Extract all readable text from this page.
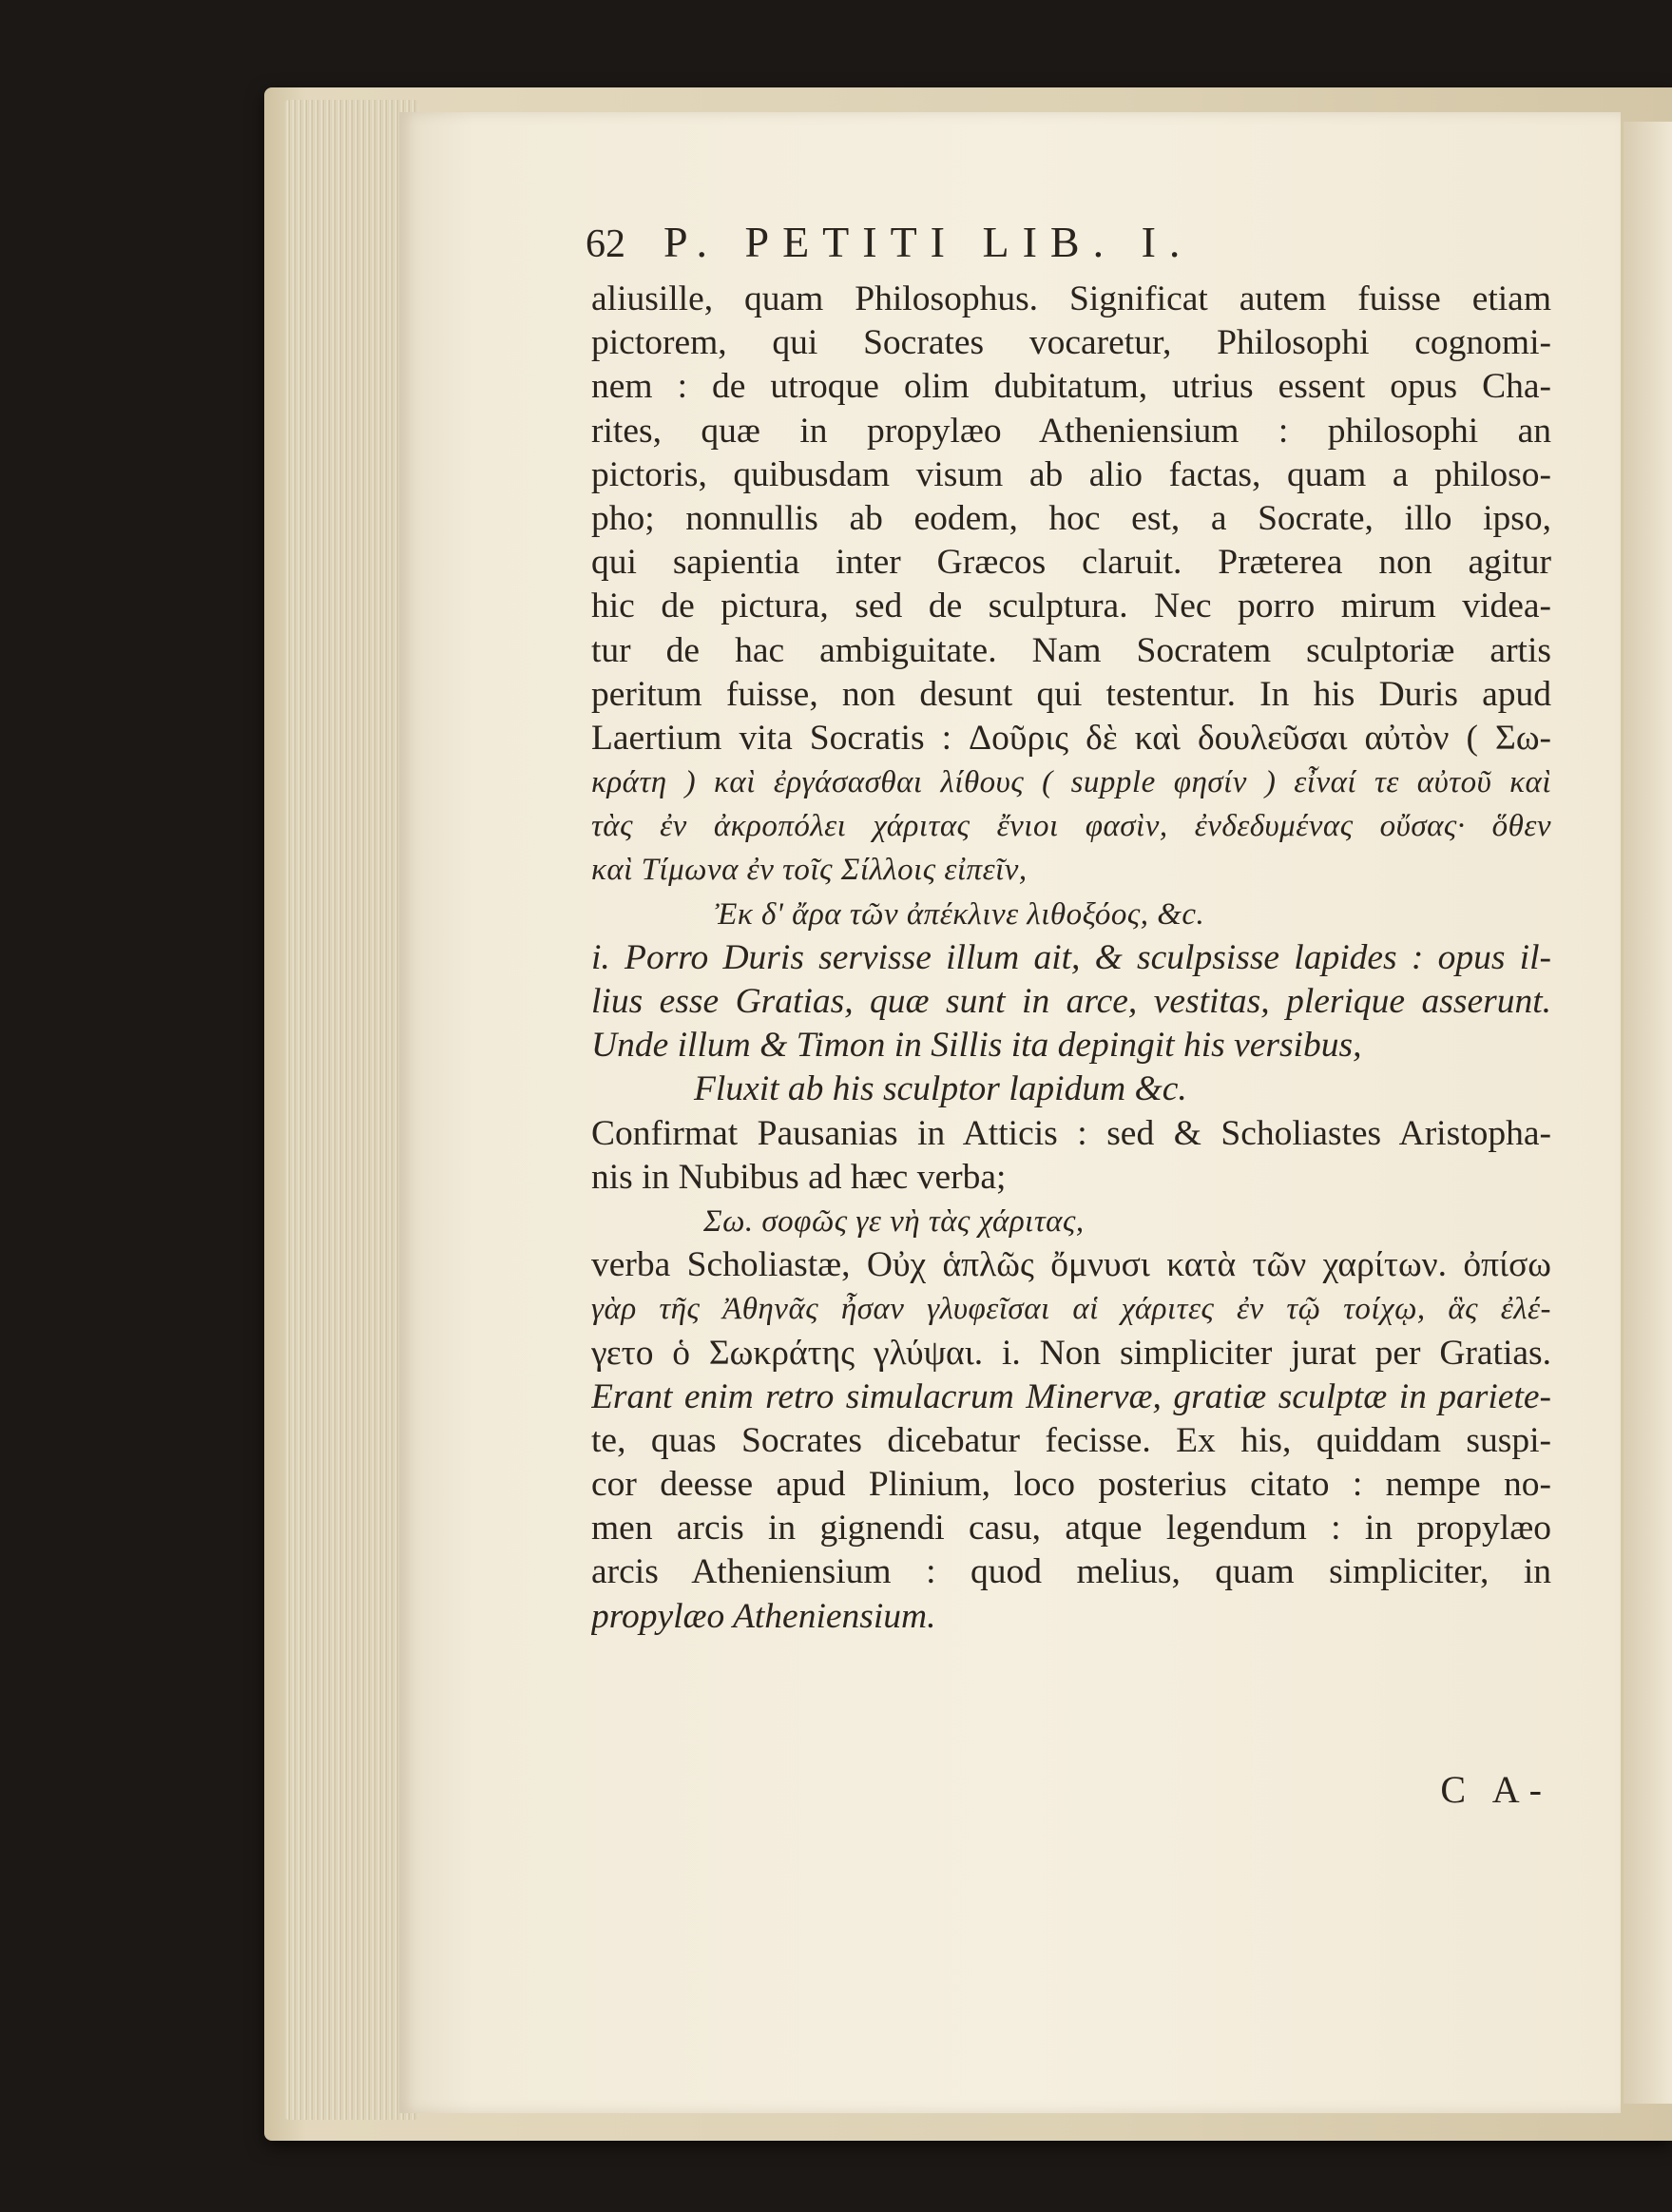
62 P. PETITI LIB. I.
aliusille, quam Philosophus. Significat autem fuisse etiam
pictorem, qui Socrates vocaretur, Philosophi cognomi-
nem : de utroque olim dubitatum, utrius essent opus Cha-
rites, quæ in propylæo Atheniensium : philosophi an
pictoris, quibusdam visum ab alio factas, quam a philoso-
pho; nonnullis ab eodem, hoc est, a Socrate, illo ipso,
qui sapientia inter Græcos claruit. Præterea non agitur
hic de pictura, sed de sculptura. Nec porro mirum videa-
tur de hac ambiguitate. Nam Socratem sculptoriæ artis
peritum fuisse, non desunt qui testentur. In his Duris apud
Laertium vita Socratis : Δοῦρις δὲ καὶ δουλεῦσαι αὐτὸν ( Σω-
κράτη ) καὶ ἐργάσασθαι λίθους ( supple φησίν ) εἶναί τε αὐτοῦ καὶ
τὰς ἐν ἀκροπόλει χάριτας ἔνιοι φασὶν, ἐνδεδυμένας οὔσας· ὅθεν
καὶ Τίμωνα ἐν τοῖς Σίλλοις εἰπεῖν,
Ἐκ δ' ἄρα τῶν ἀπέκλινε λιθοξόος, &c.
i. Porro Duris servisse illum ait, & sculpsisse lapides : opus il-
lius esse Gratias, quæ sunt in arce, vestitas, plerique asserunt.
Unde illum & Timon in Sillis ita depingit his versibus,
Fluxit ab his sculptor lapidum &c.
Confirmat Pausanias in Atticis : sed & Scholiastes Aristopha-
nis in Nubibus ad hæc verba;
Σω. σοφῶς γε νὴ τὰς χάριτας,
verba Scholiastæ, Οὐχ ἁπλῶς ὄμνυσι κατὰ τῶν χαρίτων. ὀπίσω
γὰρ τῆς Ἀθηνᾶς ἦσαν γλυφεῖσαι αἱ χάριτες ἐν τῷ τοίχῳ, ἃς ἐλέ-
γετο ὁ Σωκράτης γλύψαι. i. Non simpliciter jurat per Gratias.
Erant enim retro simulacrum Minervæ, gratiæ sculptæ in pariete-
te, quas Socrates dicebatur fecisse. Ex his, quiddam suspi-
cor deesse apud Plinium, loco posterius citato : nempe no-
men arcis in gignendi casu, atque legendum : in propylæo
arcis Atheniensium : quod melius, quam simpliciter, in
propylæo Atheniensium.
C A-
